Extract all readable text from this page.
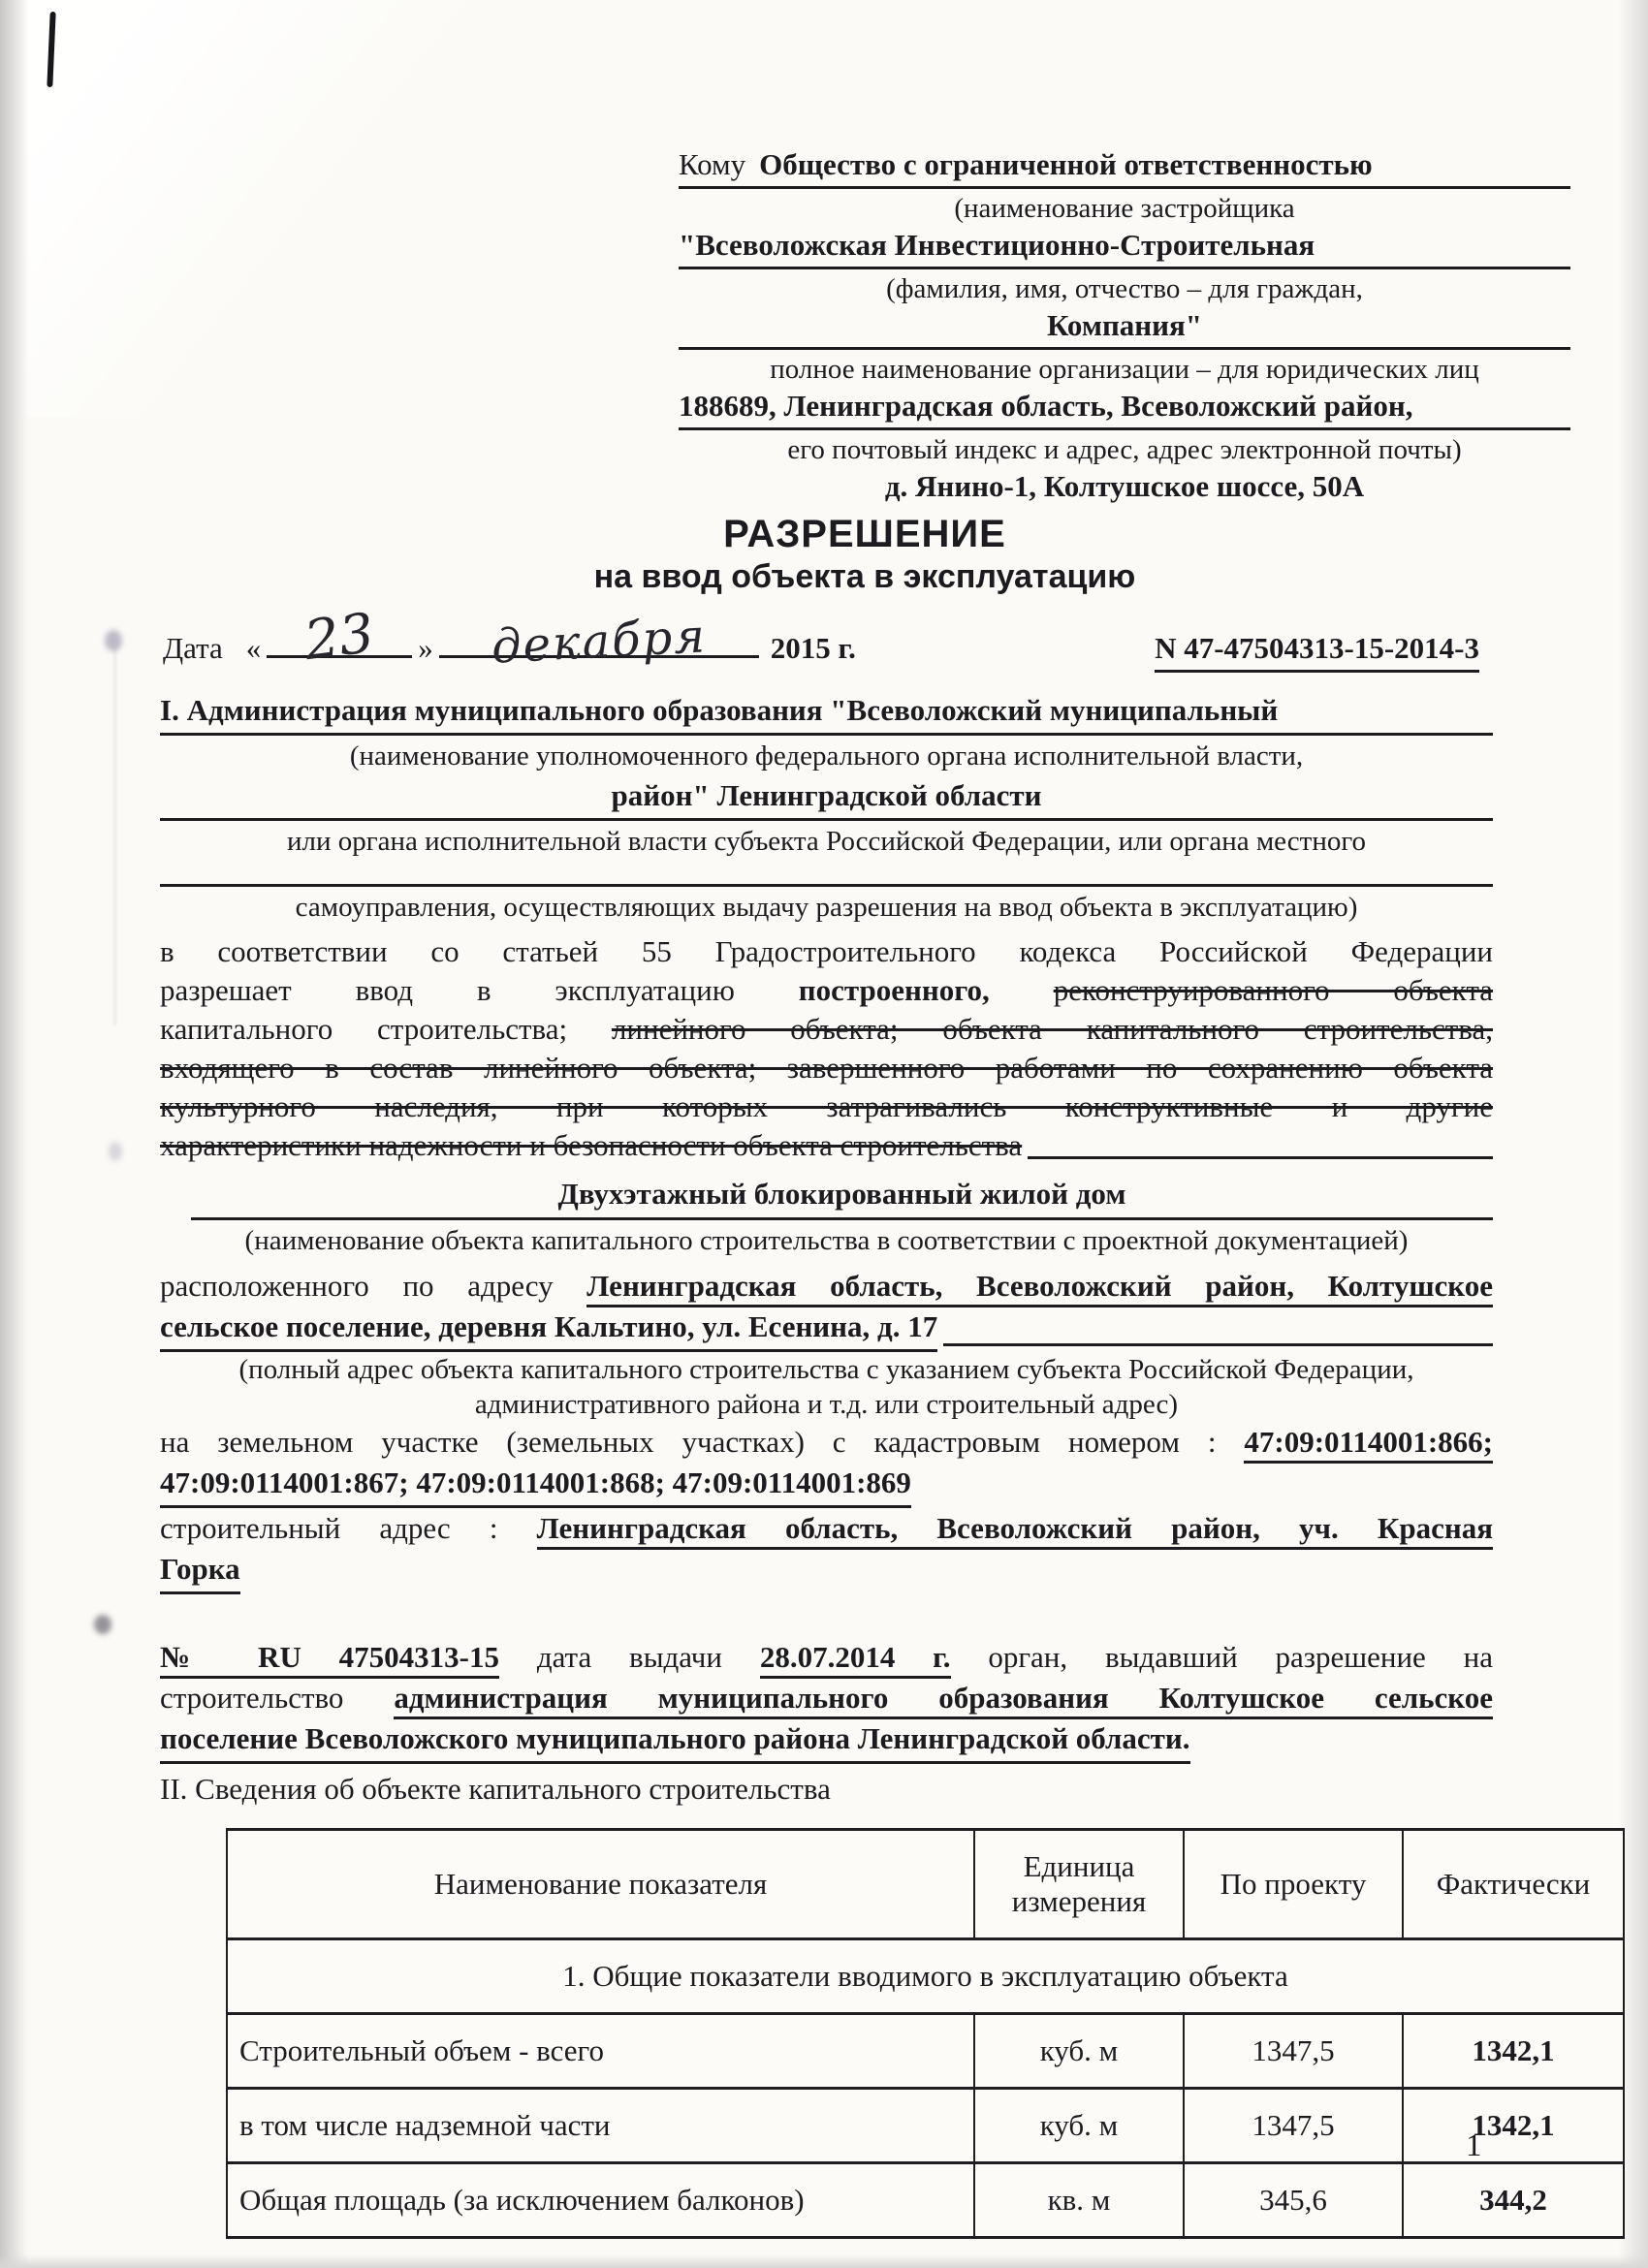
Кому Общество с ограниченной ответственностью
(наименование застройщика
"Всеволожская Инвестиционно-Строительная
(фамилия, имя, отчество – для граждан,
Компания"
полное наименование организации – для юридических лиц
188689, Ленинградская область, Всеволожский район,
его почтовый индекс и адрес, адрес электронной почты)
д. Янино-1, Колтушское шоссе, 50А
РАЗРЕШЕНИЕ
на ввод объекта в эксплуатацию
Дата « 23	»	декабря	2015 г.	N 47-47504313-15-2014-3
I. Администрация муниципального образования "Всеволожский муниципальный
(наименование уполномоченного федерального органа исполнительной власти,
район" Ленинградской области
или органа исполнительной власти субъекта Российской Федерации, или органа местного
самоуправления, осуществляющих выдачу разрешения на ввод объекта в эксплуатацию)
в соответствии со статьей 55 Градостроительного кодекса Российской Федерации
разрешает ввод в эксплуатацию построенного, реконструированного объекта
капитального строительства; линейного объекта; объекта капитального строительства,
входящего в состав линейного объекта; завершенного работами по сохранению объекта
культурного наследия, при которых затрагивались конструктивные и другие
характеристики надежности и безопасности объекта строительства
Двухэтажный блокированный жилой дом
(наименование объекта капитального строительства в соответствии с проектной документацией)
расположенного по адресу Ленинградская область, Всеволожский район, Колтушское
сельское поселение, деревня Кальтино, ул. Есенина, д. 17
(полный адрес объекта капитального строительства с указанием субъекта Российской Федерации,
административного района и т.д. или строительный адрес)
на земельном участке (земельных участках) с кадастровым номером : 47:09:0114001:866;
47:09:0114001:867; 47:09:0114001:868; 47:09:0114001:869
строительный адрес : Ленинградская область, Всеволожский район, уч. Красная
Горка
№ RU 47504313-15 дата выдачи 28.07.2014 г. орган, выдавший разрешение на
строительство администрация муниципального образования Колтушское сельское
поселение Всеволожского муниципального района Ленинградской области.
II. Сведения об объекте капитального строительства
Наименование показателя	Единица измерения	По проекту	Фактически
1. Общие показатели вводимого в эксплуатацию объекта			
Строительный объем - всего	куб. м	1347,5	1342,1
в том числе надземной части	куб. м	1347,5	1342,1
Общая площадь (за исключением балконов)	кв. м	345,6	344,2
1
